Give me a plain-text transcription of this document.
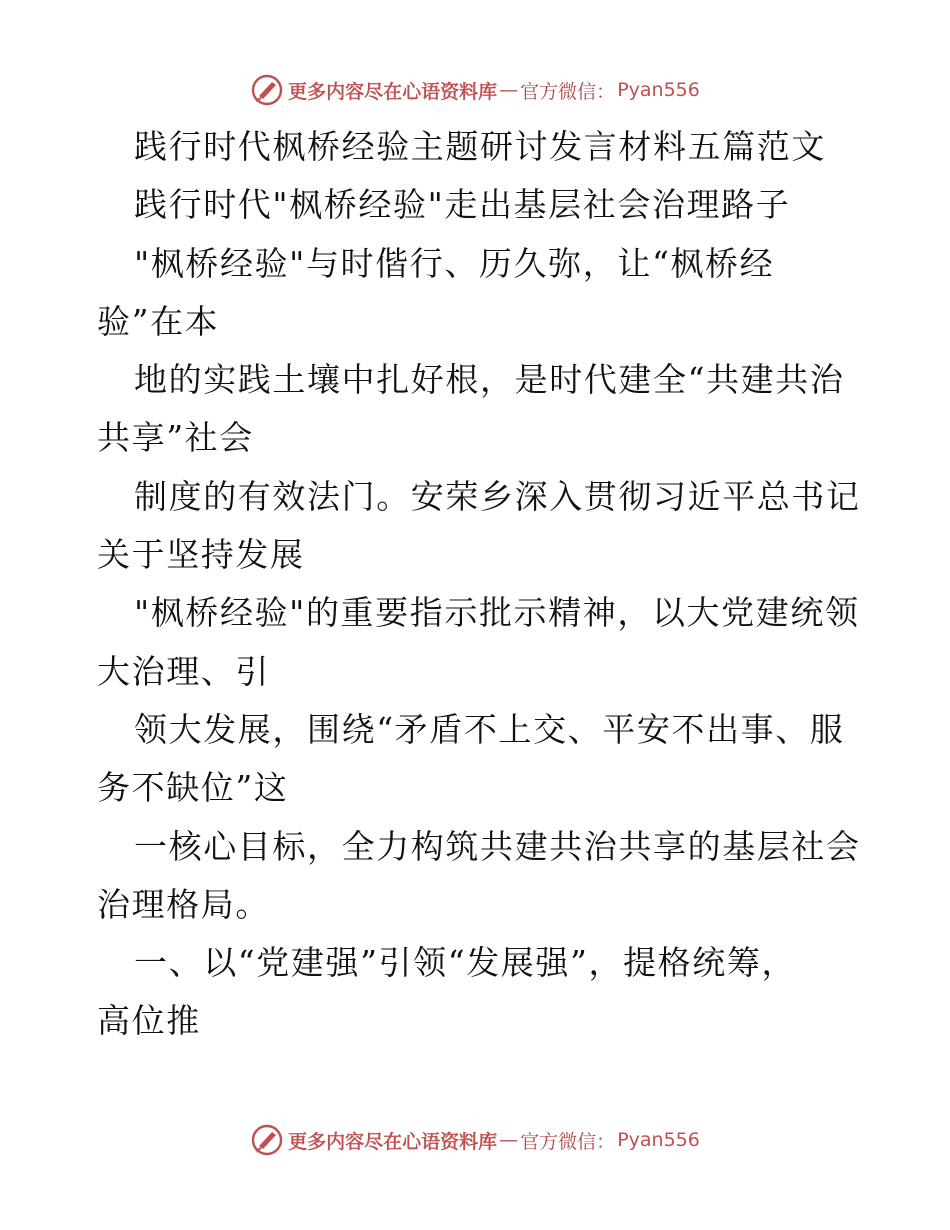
更多内容尽在心语资料库 — 官方微信： Pyan556
践行时代枫桥经验主题研讨发言材料五篇范文
践行时代"枫桥经验"走出基层社会治理路子
"枫桥经验"与时偕行、历久弥，让“枫桥经
验”在本
地的实践土壤中扎好根，是时代建全“共建共治
共享”社会
制度的有效法门。安荣乡深入贯彻习近平总书记
关于坚持发展
"枫桥经验"的重要指示批示精神，以大党建统领
大治理、引
领大发展，围绕“矛盾不上交、平安不出事、服
务不缺位”这
一核心目标，全力构筑共建共治共享的基层社会
治理格局。
一、以“党建强”引领“发展强”，提格统筹，
高位推
更多内容尽在心语资料库 — 官方微信： Pyan556
